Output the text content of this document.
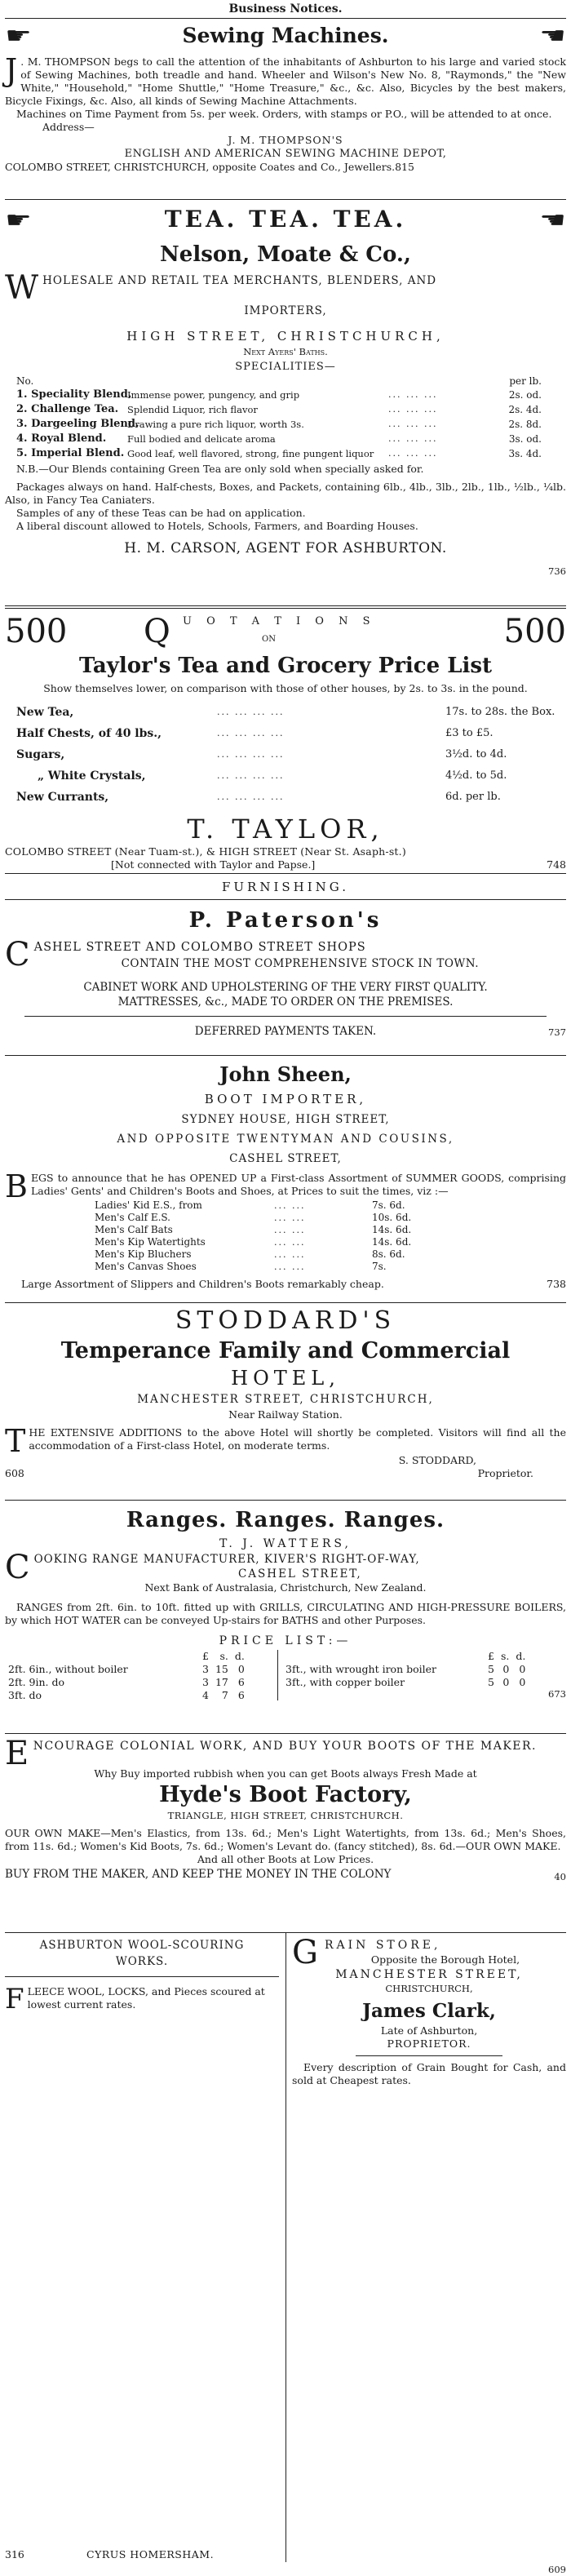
Business Notices.
☛	Sewing Machines.	☛
J . M. THOMPSON begs to call the attention of the inhabitants of Ashburton to his large and varied stock of Sewing Machines, both treadle and hand. Wheeler and Wilson's New No. 8, "Raymonds," the "New White," "Household," "Home Shuttle," "Home Treasure," &c., &c. Also, Bicycles by the best makers, Bicycle Fixings, &c. Also, all kinds of Sewing Machine Attachments.
Machines on Time Payment from 5s. per week. Orders, with stamps or P.O., will be attended to at once.
Address—
J. M. THOMPSON'S
ENGLISH AND AMERICAN SEWING MACHINE DEPOT,
COLOMBO STREET, CHRISTCHURCH, opposite Coates and Co., Jewellers.815
☛	TEA. TEA. TEA.	☛
Nelson, Moate & Co.,
W HOLESALE AND RETAIL TEA MERCHANTS, BLENDERS, AND
IMPORTERS,
HIGH STREET, CHRISTCHURCH,
Next Ayers' Baths.
SPECIALITIES—
No.	per lb.
1. Speciality Blend.
Immense power, pungency, and grip	... ... ...	2s. od.
2. Challenge Tea. Splendid Liquor, rich flavor	... ... ...	2s. 4d.
3. Dargeeling Blend.
Drawing a pure rich liquor, worth 3s.	... ... ...	2s. 8d.
4. Royal Blend. Full bodied and delicate aroma	... ... ...	3s. od.
5. Imperial Blend. Good leaf, well flavored, strong, fine pungent liquor ... ... ...	3s. 4d.
N.B.—Our Blends containing Green Tea are only sold when specially asked for.
Packages always on hand. Half-chests, Boxes, and Packets, containing 6lb., 4lb., 3lb., 2lb., 1lb., ½lb., ¼lb. Also, in Fancy Tea Caniaters.
Samples of any of these Teas can be had on application.
A liberal discount allowed to Hotels, Schools, Farmers, and Boarding Houses.
H. M. CARSON, AGENT FOR ASHBURTON.
736
500 Q U O T A T I O N S
ON	500
Taylor's Tea and Grocery Price List
Show themselves lower, on comparison with those of other houses, by 2s. to 3s. in the pound.
New Tea,	... ... ... ...	17s. to 28s. the Box.
Half Chests, of 40 lbs.,	... ... ... ...	£3 to £5.
Sugars,	... ... ... ...	3½d. to 4d.
„ White Crystals,	... ... ... ...	4½d. to 5d.
New Currants,	... ... ... ...	6d. per lb.
T. TAYLOR,
COLOMBO STREET (Near Tuam-st.), & HIGH STREET (Near St. Asaph-st.)
[Not connected with Taylor and Papse.]	748
FURNISHING.
P. Paterson's
C ASHEL STREET AND COLOMBO STREET SHOPS
CONTAIN THE MOST COMPREHENSIVE STOCK IN TOWN.
CABINET WORK AND UPHOLSTERING OF THE VERY FIRST QUALITY.
MATTRESSES, &c., MADE TO ORDER ON THE PREMISES.
DEFERRED PAYMENTS TAKEN.	737
John Sheen,
BOOT IMPORTER,
SYDNEY HOUSE, HIGH STREET,
AND OPPOSITE TWENTYMAN AND COUSINS,
CASHEL STREET,
B EGS to announce that he has OPENED UP a First-class Assortment of SUMMER GOODS, comprising Ladies' Gents' and Children's Boots and Shoes, at Prices to suit the times, viz :—
Ladies' Kid E.S., from	... ...	7s. 6d.
Men's Calf E.S.	... ...	10s. 6d.
Men's Calf Bats	... ...	14s. 6d.
Men's Kip Watertights	... ...	14s. 6d.
Men's Kip Bluchers	... ...	8s. 6d.
Men's Canvas Shoes	... ...	7s.
Large Assortment of Slippers and Children's Boots remarkably cheap.	738
STODDARD'S
Temperance Family and Commercial
HOTEL,
MANCHESTER STREET, CHRISTCHURCH,
Near Railway Station.
T HE EXTENSIVE ADDITIONS to the above Hotel will shortly be completed. Visitors will find all the accommodation of a First-class Hotel, on moderate terms.
S. STODDARD,
608	Proprietor.
Ranges. Ranges. Ranges.
T. J. WATTERS,
C OOKING RANGE MANUFACTURER, KIVER'S RIGHT-OF-WAY,
CASHEL STREET,
Next Bank of Australasia, Christchurch, New Zealand.
RANGES from 2ft. 6in. to 10ft. fitted up with GRILLS, CIRCULATING AND HIGH-PRESSURE BOILERS, by which HOT WATER can be conveyed Up-stairs for BATHS and other Purposes.
PRICE LIST:—
	£	s.	d.
2ft. 6in., without boiler	3	15	0
2ft. 9in. do	3	17	6
3ft. do	4	7	6
	£	s.	d.
3ft., with wrought iron boiler	5	0	0
3ft., with copper boiler	5	0	0
673
E NCOURAGE COLONIAL WORK, AND BUY YOUR BOOTS OF THE MAKER.
Why Buy imported rubbish when you can get Boots always Fresh Made at
Hyde's Boot Factory,
TRIANGLE, HIGH STREET, CHRISTCHURCH.
OUR OWN MAKE—Men's Elastics, from 13s. 6d.; Men's Light Watertights, from 13s. 6d.; Men's Shoes, from 11s. 6d.; Women's Kid Boots, 7s. 6d.; Women's Levant do. (fancy stitched), 8s. 6d.—OUR OWN MAKE.
And all other Boots at Low Prices.
BUY FROM THE MAKER, AND KEEP THE MONEY IN THE COLONY	40
ASHBURTON WOOL-SCOURING
WORKS.
F LEECE WOOL, LOCKS, and Pieces scoured at lowest current rates.
316	CYRUS HOMERSHAM.
G RAIN STORE,
Opposite the Borough Hotel,
MANCHESTER STREET,
CHRISTCHURCH,
James Clark,
Late of Ashburton,
PROPRIETOR.
Every description of Grain Bought for Cash, and sold at Cheapest rates.
609
